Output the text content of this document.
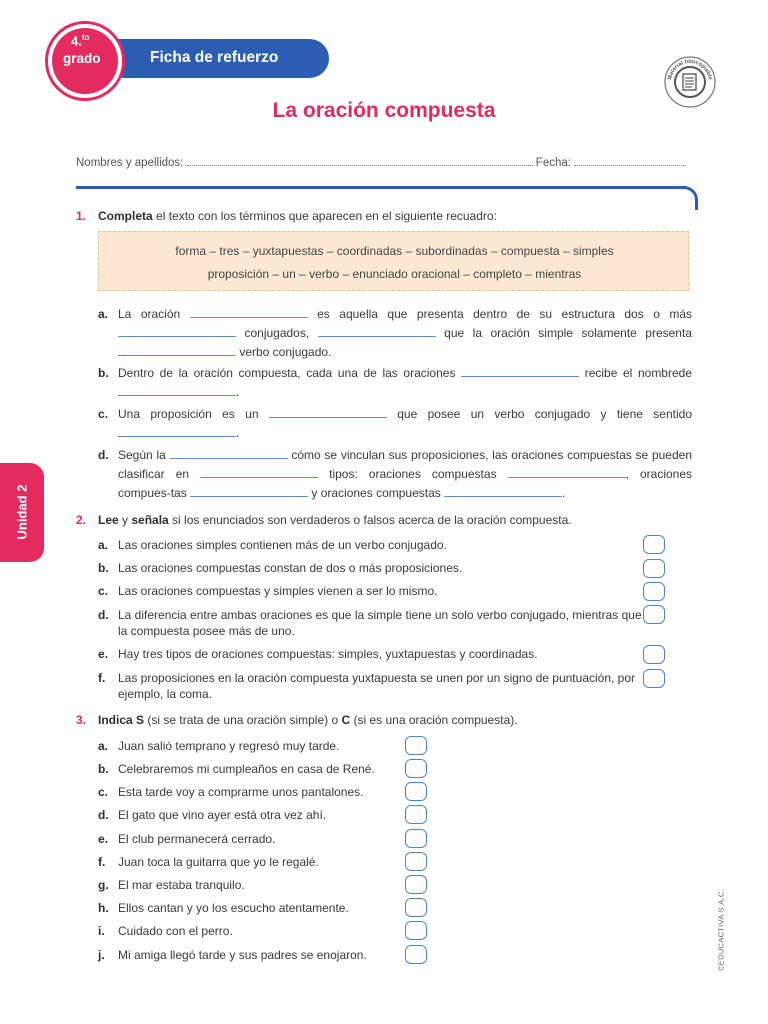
Ficha de refuerzo
4.$^{to}$
grado
Material fotocopiable
La oración compuesta
Nombres y apellidos:	Fecha:
1. Completa el texto con los términos que aparecen en el siguiente recuadro:
forma – tres – yuxtapuestas – coordinadas – subordinadas – compuesta – simples
proposición – un – verbo – enunciado oracional – completo – mientras
a. La oración	es aquella que presenta dentro de su estructura dos o más  conjugados,	que la oración simple solamente presenta  verbo conjugado.
b. Dentro de la oración compuesta, cada una de las oraciones	recibe el nombrede .
c. Una proposición es un	que posee un verbo conjugado y tiene sentido .
d. Según la	cómo se vinculan sus proposiciones, las oraciones compuestas se pueden clasificar en	tipos: oraciones compuestas	, oraciones compues-tas	y oraciones compuestas	.
2. Lee y señala si los enunciados son verdaderos o falsos acerca de la oración compuesta.
a. Las oraciones simples contienen más de un verbo conjugado.
b. Las oraciones compuestas constan de dos o más proposiciones.
c. Las oraciones compuestas y simples vienen a ser lo mismo.
d. La diferencia entre ambas oraciones es que la simple tiene un solo verbo conjugado, mientras que la compuesta posee más de uno.
e. Hay tres tipos de oraciones compuestas: simples, yuxtapuestas y coordinadas.
f. Las proposiciones en la oración compuesta yuxtapuesta se unen por un signo de puntuación, por ejemplo, la coma.
3. Indica S (si se trata de una oración simple) o C (si es una oración compuesta).
a. Juan salió temprano y regresó muy tarde.
b. Celebraremos mi cumpleaños en casa de René.
c. Esta tarde voy a comprarme unos pantalones.
d. El gato que vino ayer está otra vez ahí.
e. El club permanecerá cerrado.
f. Juan toca la guitarra que yo le regalé.
g. El mar estaba tranquilo.
h. Ellos cantan y yo los escucho atentamente.
i. Cuidado con el perro.
j. Mi amiga llegó tarde y sus padres se enojaron.
Unidad 2
©EDUCACTIVA S.A.C.
